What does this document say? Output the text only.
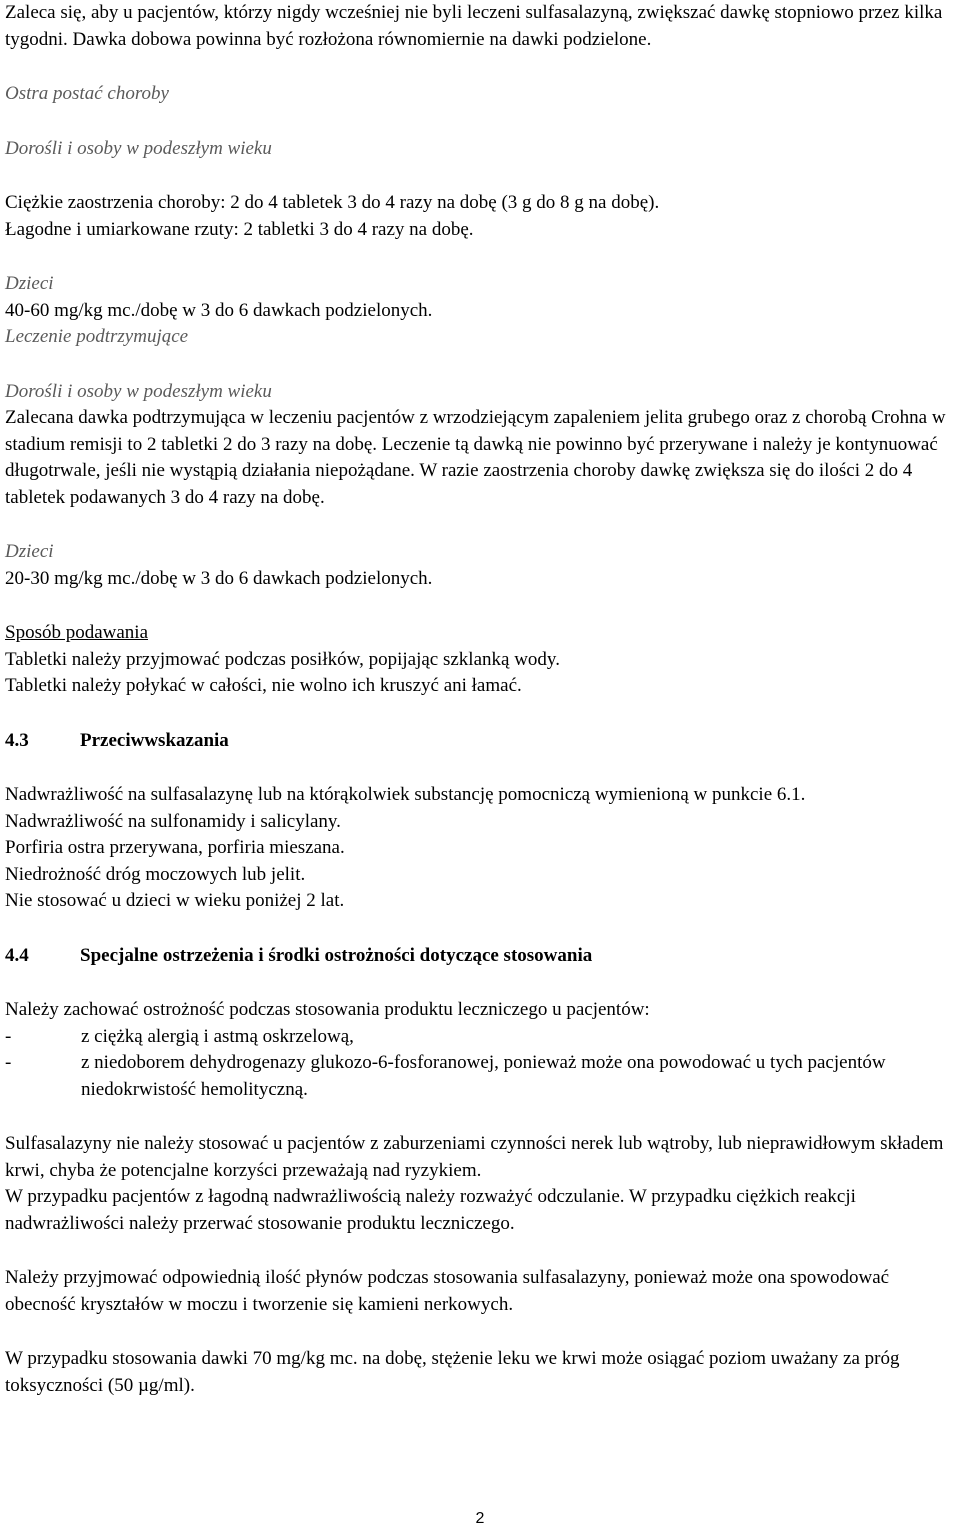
Zaleca się, aby u pacjentów, którzy nigdy wcześniej nie byli leczeni sulfasalazyną, zwiększać dawkę stopniowo przez kilka tygodni. Dawka dobowa powinna być rozłożona równomiernie na dawki podzielone.

Ostra postać choroby

Dorośli i osoby w podeszłym wieku

Ciężkie zaostrzenia choroby: 2 do 4 tabletek 3 do 4 razy na dobę (3 g do 8 g na dobę).

Łagodne i umiarkowane rzuty: 2 tabletki 3 do 4 razy na dobę.

Dzieci

40-60 mg/kg mc./dobę w 3 do 6 dawkach podzielonych.

Leczenie podtrzymujące

Dorośli i osoby w podeszłym wieku

Zalecana dawka podtrzymująca w leczeniu pacjentów z wrzodziejącym zapaleniem jelita grubego oraz z chorobą Crohna w stadium remisji to 2 tabletki 2 do 3 razy na dobę. Leczenie tą dawką nie powinno być przerywane i należy je kontynuować długotrwale, jeśli nie wystąpią działania niepożądane. W razie zaostrzenia choroby dawkę zwiększa się do ilości 2 do 4 tabletek podawanych 3 do 4 razy na dobę.

Dzieci

20-30 mg/kg mc./dobę w 3 do 6 dawkach podzielonych.

Sposób podawania

Tabletki należy przyjmować podczas posiłków, popijając szklanką wody.

Tabletki należy połykać w całości, nie wolno ich kruszyć ani łamać.

4.3	Przeciwwskazania

Nadwrażliwość na sulfasalazynę lub na którąkolwiek substancję pomocniczą wymienioną w punkcie 6.1.

Nadwrażliwość na sulfonamidy i salicylany.

Porfiria ostra przerywana, porfiria mieszana.

Niedrożność dróg moczowych lub jelit.

Nie stosować u dzieci w wieku poniżej 2 lat.

4.4	Specjalne ostrzeżenia i środki ostrożności dotyczące stosowania

Należy zachować ostrożność podczas stosowania produktu leczniczego u pacjentów:

-	z ciężką alergią i astmą oskrzelową,
-	z niedoborem dehydrogenazy glukozo-6-fosforanowej, ponieważ może ona powodować u tych pacjentów niedokrwistość hemolityczną.

Sulfasalazyny nie należy stosować u pacjentów z zaburzeniami czynności nerek lub wątroby, lub nieprawidłowym składem krwi, chyba że potencjalne korzyści przeważają nad ryzykiem.

W przypadku pacjentów z łagodną nadwrażliwością należy rozważyć odczulanie. W przypadku ciężkich reakcji nadwrażliwości należy przerwać stosowanie produktu leczniczego.

Należy przyjmować odpowiednią ilość płynów podczas stosowania sulfasalazyny, ponieważ może ona spowodować obecność kryształów w moczu i tworzenie się kamieni nerkowych.

W przypadku stosowania dawki 70 mg/kg mc. na dobę, stężenie leku we krwi może osiągać poziom uważany za próg toksyczności (50 µg/ml).

2
